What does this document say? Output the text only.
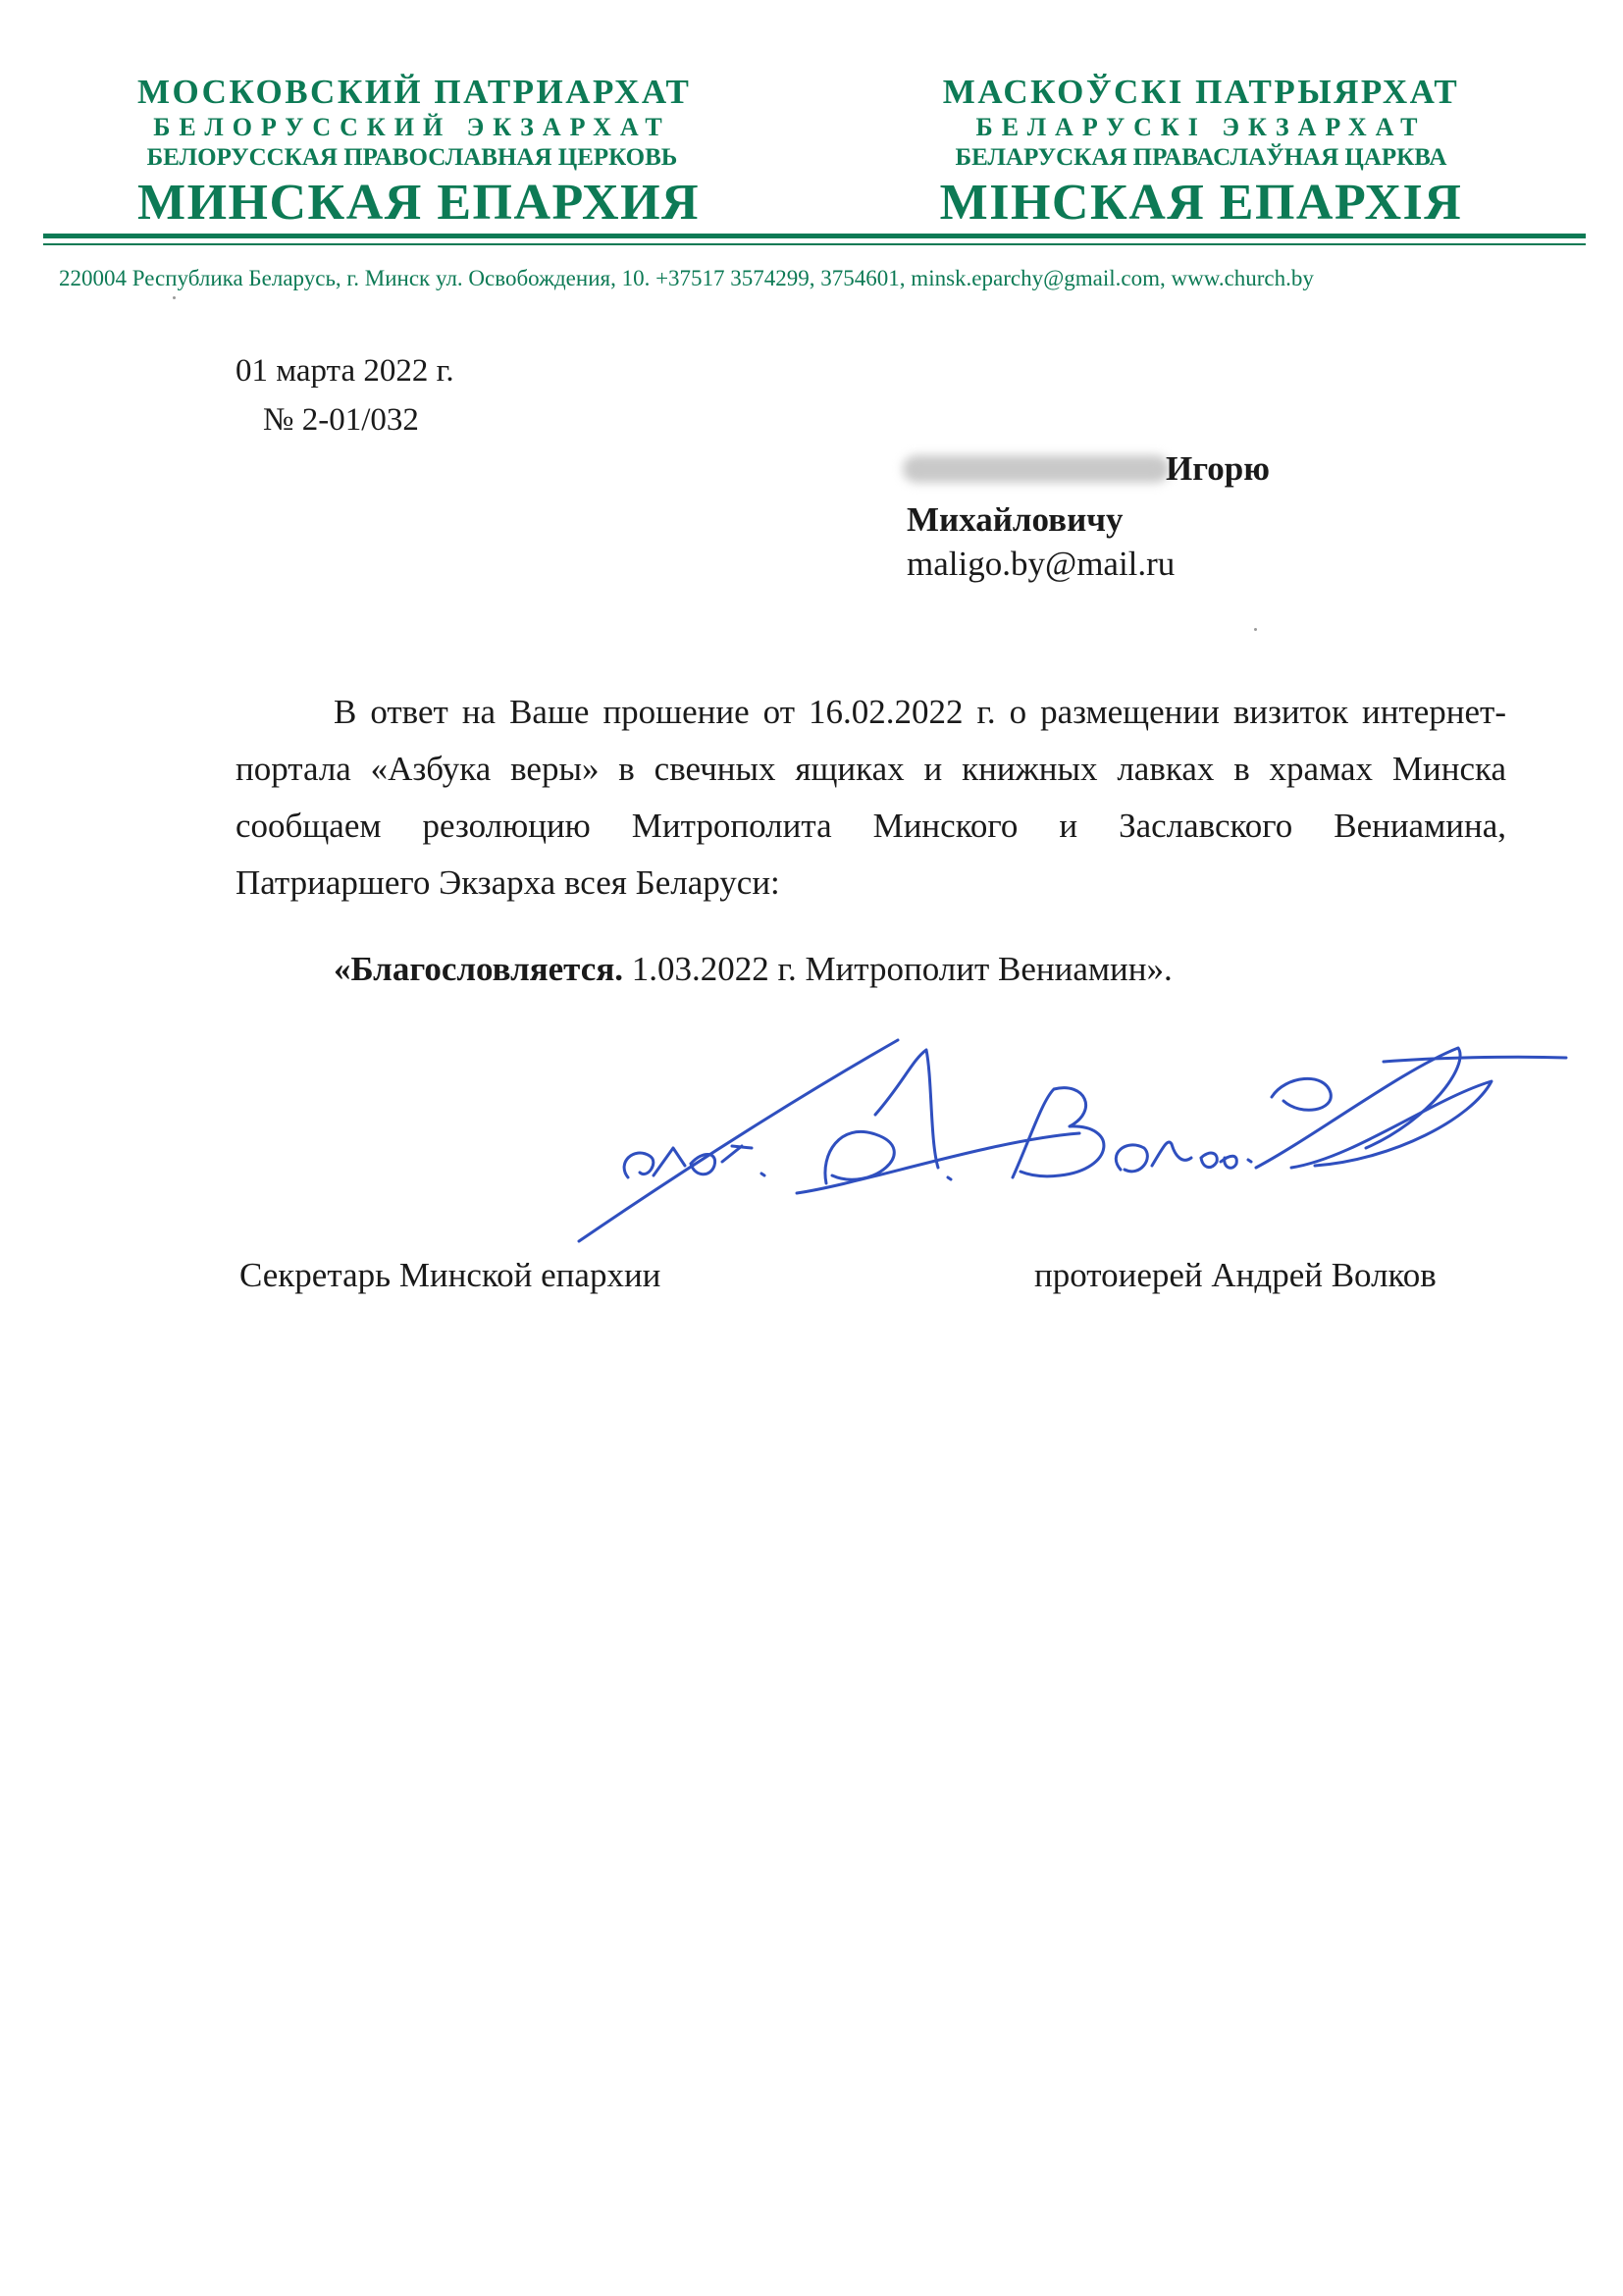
МОСКОВСКИЙ ПАТРИАРХАТ
БЕЛОРУССКИЙ ЭКЗАРХАТ
БЕЛОРУССКАЯ ПРАВОСЛАВНАЯ ЦЕРКОВЬ
МИНСКАЯ ЕПАРХИЯ
МАСКОЎСКІ ПАТРЫЯРХАТ
БЕЛАРУСКІ ЭКЗАРХАТ
БЕЛАРУСКАЯ ПРАВАСЛАЎНАЯ ЦАРКВА
МІНСКАЯ ЕПАРХІЯ
220004 Республика Беларусь, г. Минск ул. Освобождения, 10. +37517 3574299, 3754601, minsk.eparchy@gmail.com, www.church.by
01 марта 2022 г.
№ 2-01/032
Игорю
Михайловичу
maligo.by@mail.ru

В ответ на Ваше прошение от 16.02.2022 г. о размещении визиток интернет-портала «Азбука веры» в свечных ящиках и книжных лавках в храмах Минска сообщаем резолюцию Митрополита Минского и Заславского Вениамина, Патриаршего Экзарха всея Беларуси:

«Благословляется. 1.03.2022 г. Митрополит Вениамин».
Секретарь Минской епархии	протоиерей Андрей Волков
